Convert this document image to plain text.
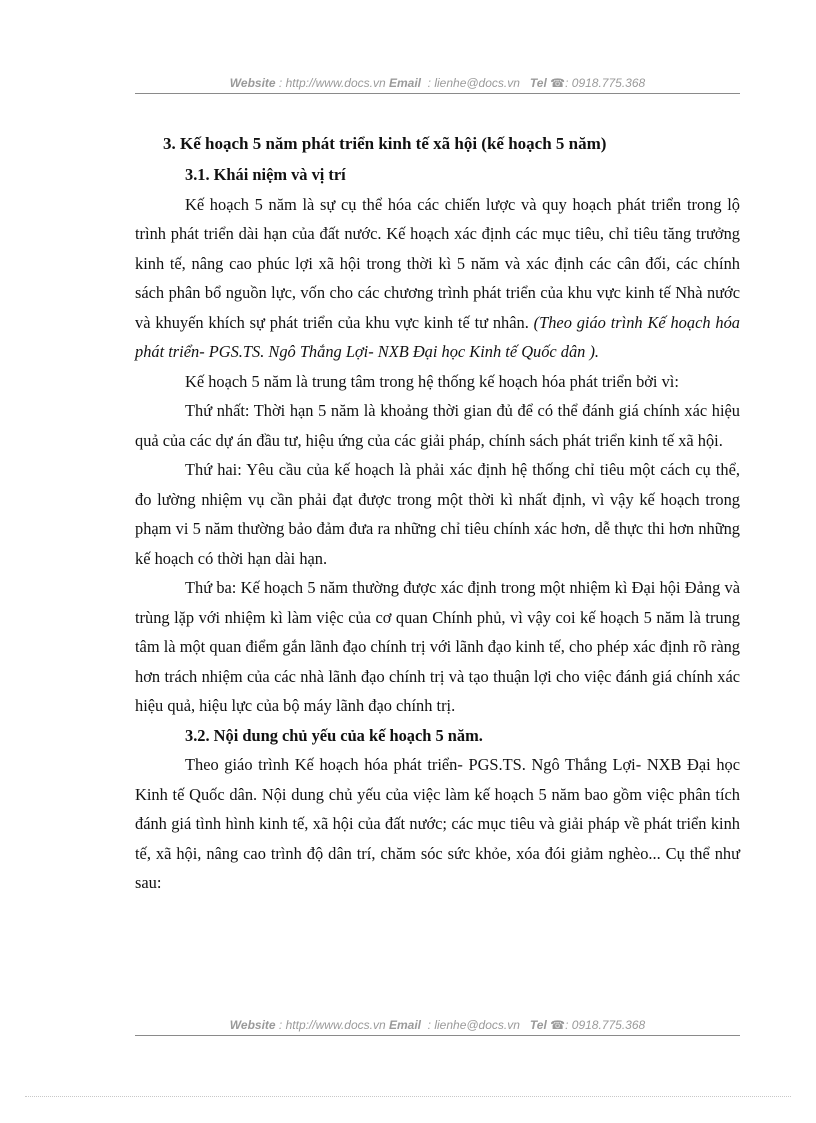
Website : http://www.docs.vn Email  : lienhe@docs.vn   Tel ☎: 0918.775.368
3. Kế hoạch 5 năm phát triển kinh tế xã hội (kế hoạch 5 năm)
3.1. Khái niệm và vị trí

Kế hoạch 5 năm là sự cụ thể hóa các chiến lược và quy hoạch phát triển trong lộ trình phát triển dài hạn của đất nước. Kế hoạch xác định các mục tiêu, chỉ tiêu tăng trưởng kinh tế, nâng cao phúc lợi xã hội trong thời kì 5 năm và xác định các cân đối, các chính sách phân bổ nguồn lực, vốn cho các chương trình phát triển của khu vực kinh tế Nhà nước và khuyến khích sự phát triển của khu vực kinh tế tư nhân. (Theo giáo trình Kế hoạch hóa phát triển- PGS.TS. Ngô Thắng Lợi- NXB Đại học Kinh tế Quốc dân ).

Kế hoạch 5 năm là trung tâm trong hệ thống kế hoạch hóa phát triển bởi vì:

Thứ nhất: Thời hạn 5 năm là khoảng thời gian đủ để có thể đánh giá chính xác hiệu quả của các dự án đầu tư, hiệu ứng của các giải pháp, chính sách phát triển kinh tế xã hội.

Thứ hai: Yêu cầu của kế hoạch là phải xác định hệ thống chỉ tiêu một cách cụ thể, đo lường nhiệm vụ cần phải đạt được trong một thời kì nhất định, vì vậy kế hoạch trong phạm vi 5 năm thường bảo đảm đưa ra những chỉ tiêu chính xác hơn, dễ thực thi hơn những kế hoạch có thời hạn dài hạn.

Thứ ba: Kế hoạch 5 năm thường được xác định trong một nhiệm kì Đại hội Đảng và trùng lặp với nhiệm kì làm việc của cơ quan Chính phủ, vì vậy coi kế hoạch 5 năm là trung tâm là một quan điểm gắn lãnh đạo chính trị với lãnh đạo kinh tế, cho phép xác định rõ ràng hơn trách nhiệm của các nhà lãnh đạo chính trị và tạo thuận lợi cho việc đánh giá chính xác hiệu quả, hiệu lực của bộ máy lãnh đạo chính trị.

3.2. Nội dung chủ yếu của kế hoạch 5 năm.

Theo giáo trình Kế hoạch hóa phát triển- PGS.TS. Ngô Thắng Lợi- NXB Đại học Kinh tế Quốc dân. Nội dung chủ yếu của việc làm kế hoạch 5 năm bao gồm việc phân tích đánh giá tình hình kinh tế, xã hội của đất nước; các mục tiêu và giải pháp về phát triển kinh tế, xã hội, nâng cao trình độ dân trí, chăm sóc sức khỏe, xóa đói giảm nghèo... Cụ thể như sau:

Website : http://www.docs.vn Email  : lienhe@docs.vn   Tel ☎: 0918.775.368
